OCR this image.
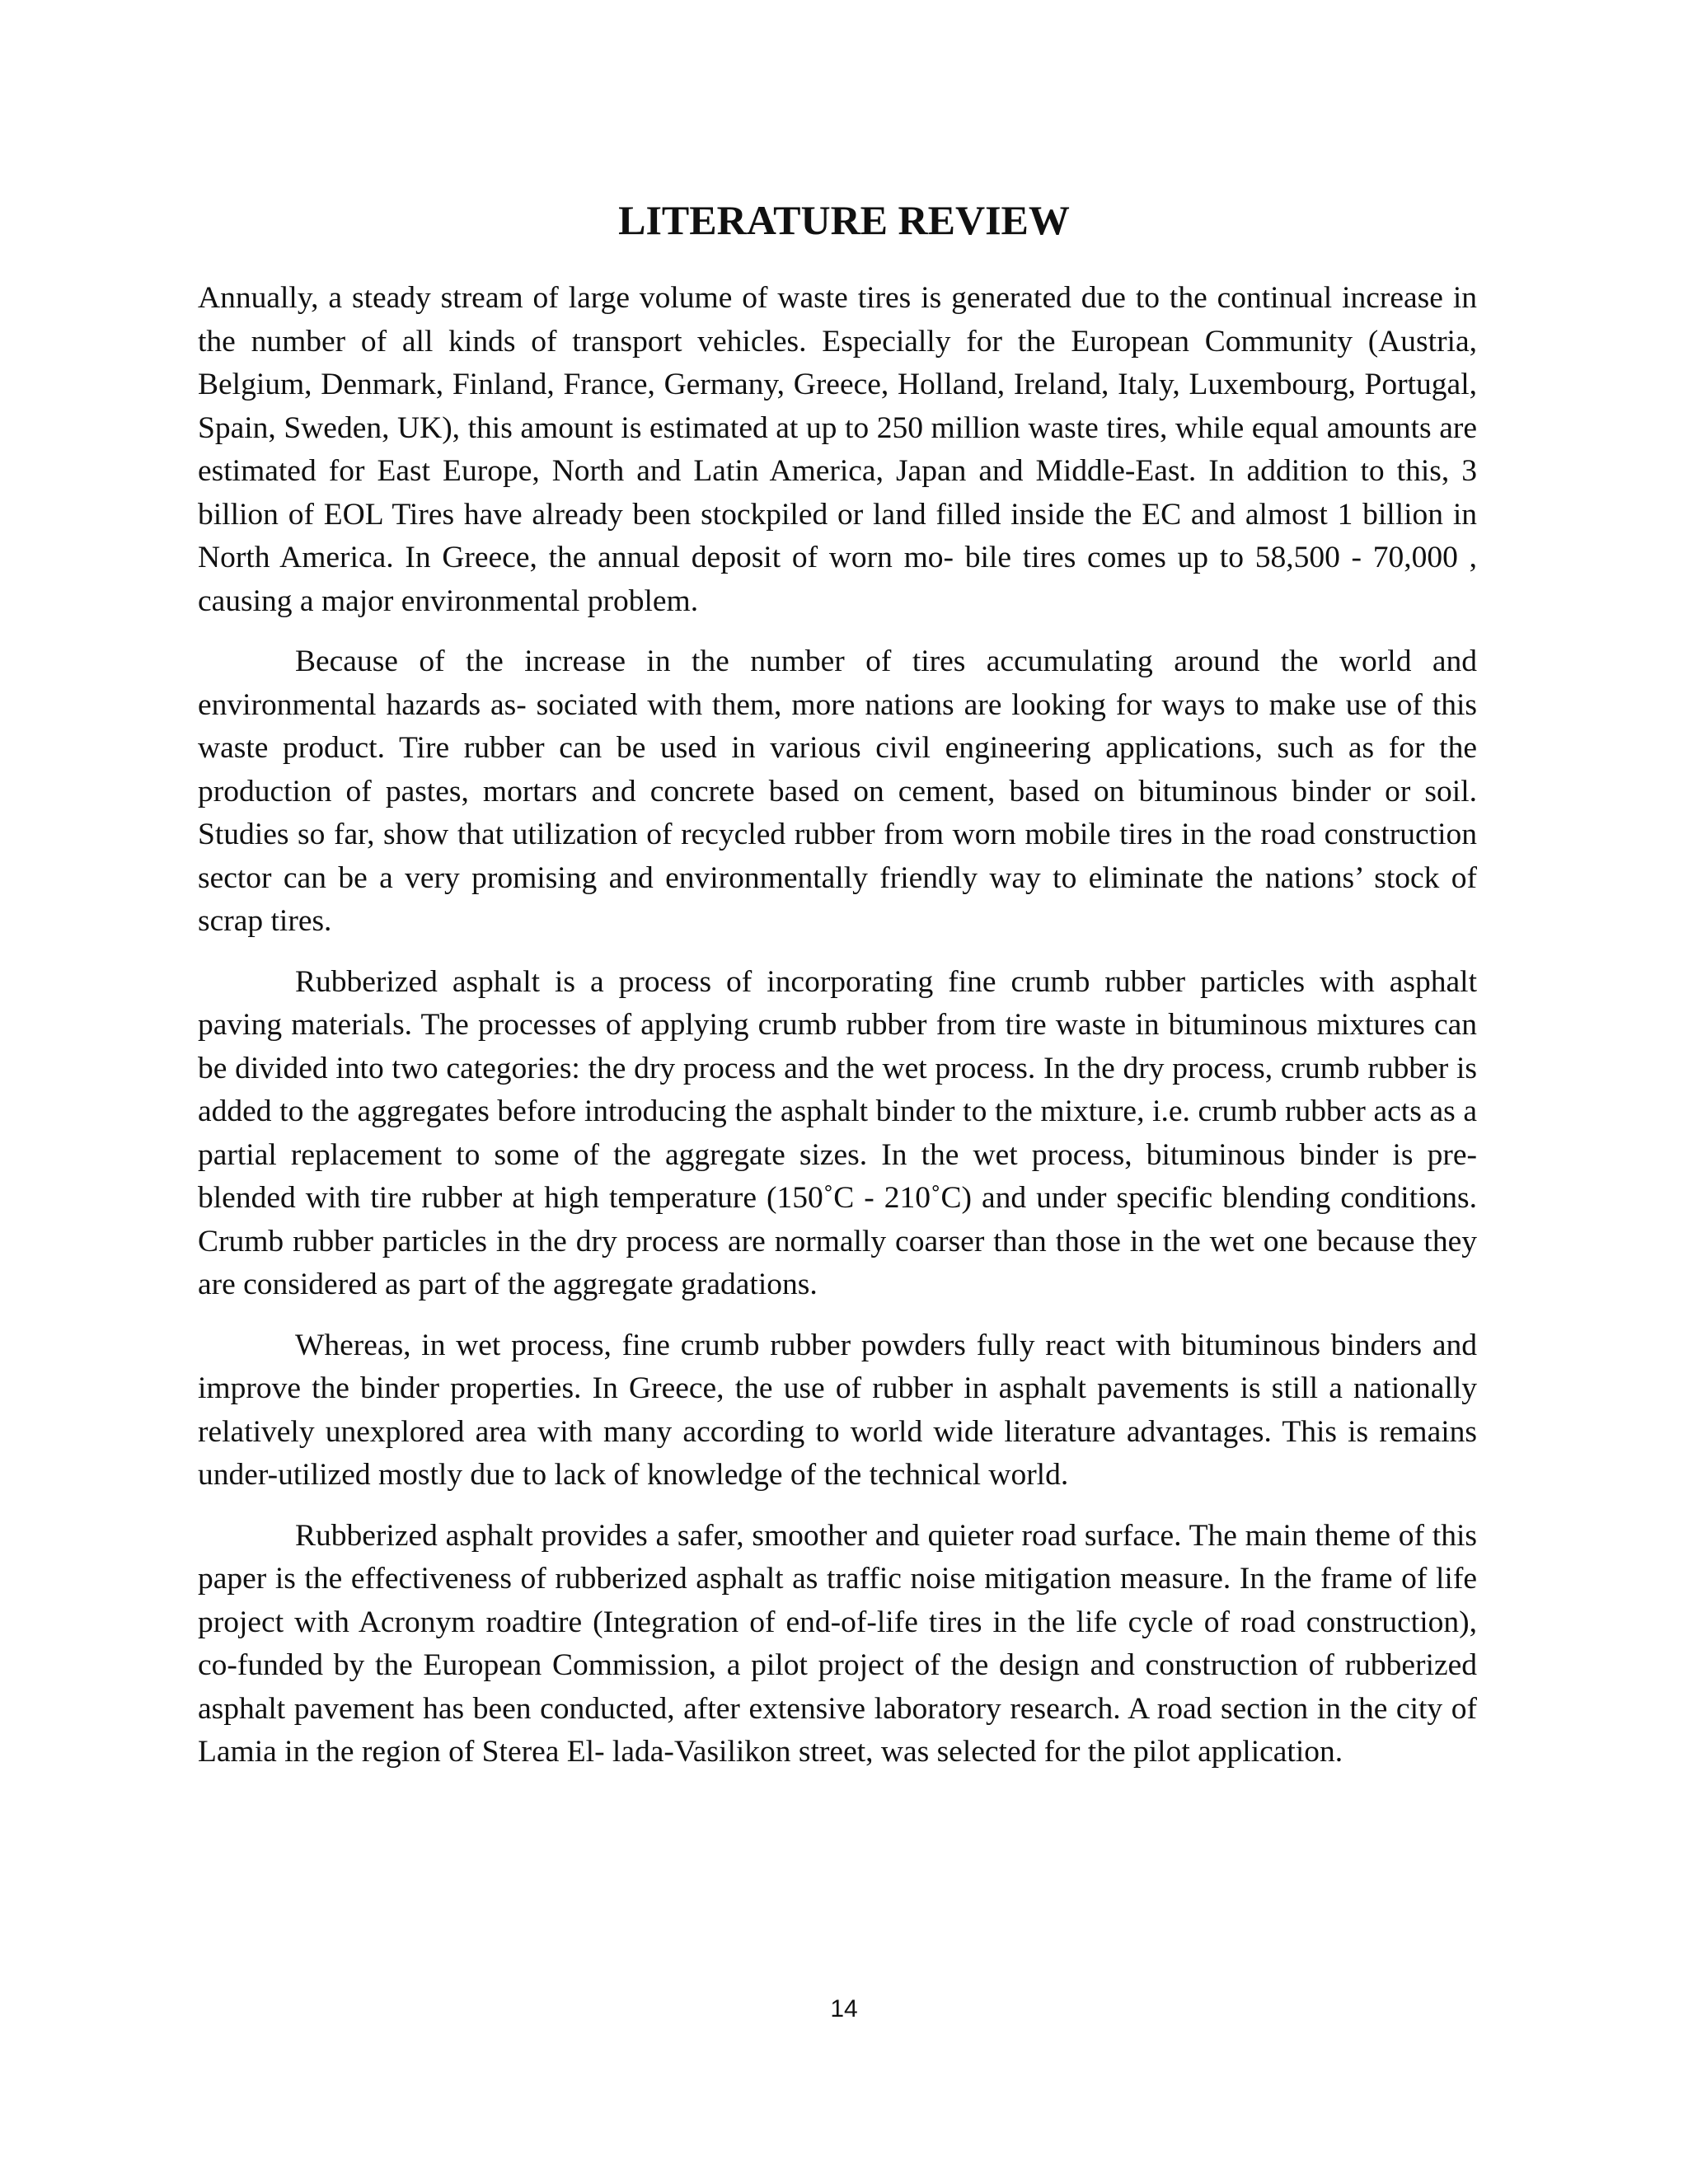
LITERATURE REVIEW

Annually, a steady stream of large volume of waste tires is generated due to the continual increase in the number of all kinds of transport vehicles. Especially for the European Community (Austria, Belgium, Denmark, Finland, France, Germany, Greece, Holland, Ireland, Italy, Luxembourg, Portugal, Spain, Sweden, UK), this amount is estimated at up to 250 million waste tires, while equal amounts are estimated for East Europe, North and Latin America, Japan and Middle-East. In addition to this, 3 billion of EOL Tires have already been stockpiled or land filled inside the EC and almost 1 billion in North America. In Greece, the annual deposit of worn mo- bile tires comes up to 58,500 - 70,000 , causing a major environmental problem.

Because of the increase in the number of tires accumulating around the world and environmental hazards as- sociated with them, more nations are looking for ways to make use of this waste product. Tire rubber can be used in various civil engineering applications, such as for the production of pastes, mortars and concrete based on cement, based on bituminous binder or soil. Studies so far, show that utilization of recycled rubber from worn mobile tires in the road construction sector can be a very promising and environmentally friendly way to eliminate the nations’ stock of scrap tires.

Rubberized asphalt is a process of incorporating fine crumb rubber particles with asphalt paving materials. The processes of applying crumb rubber from tire waste in bituminous mixtures can be divided into two categories: the dry process and the wet process. In the dry process, crumb rubber is added to the aggregates before introducing the asphalt binder to the mixture, i.e. crumb rubber acts as a partial replacement to some of the aggregate sizes. In the wet process, bituminous binder is pre-blended with tire rubber at high temperature (150˚C - 210˚C) and under specific blending conditions. Crumb rubber particles in the dry process are normally coarser than those in the wet one because they are considered as part of the aggregate gradations.

Whereas, in wet process, fine crumb rubber powders fully react with bituminous binders and improve the binder properties. In Greece, the use of rubber in asphalt pavements is still a nationally relatively unexplored area with many according to world wide literature advantages. This is remains under-utilized mostly due to lack of knowledge of the technical world.

Rubberized asphalt provides a safer, smoother and quieter road surface. The main theme of this paper is the effectiveness of rubberized asphalt as traffic noise mitigation measure. In the frame of life project with Acronym roadtire (Integration of end-of-life tires in the life cycle of road construction), co-funded by the European Commission, a pilot project of the design and construction of rubberized asphalt pavement has been conducted, after extensive laboratory research. A road section in the city of Lamia in the region of Sterea El- lada-Vasilikon street, was selected for the pilot application.

14
